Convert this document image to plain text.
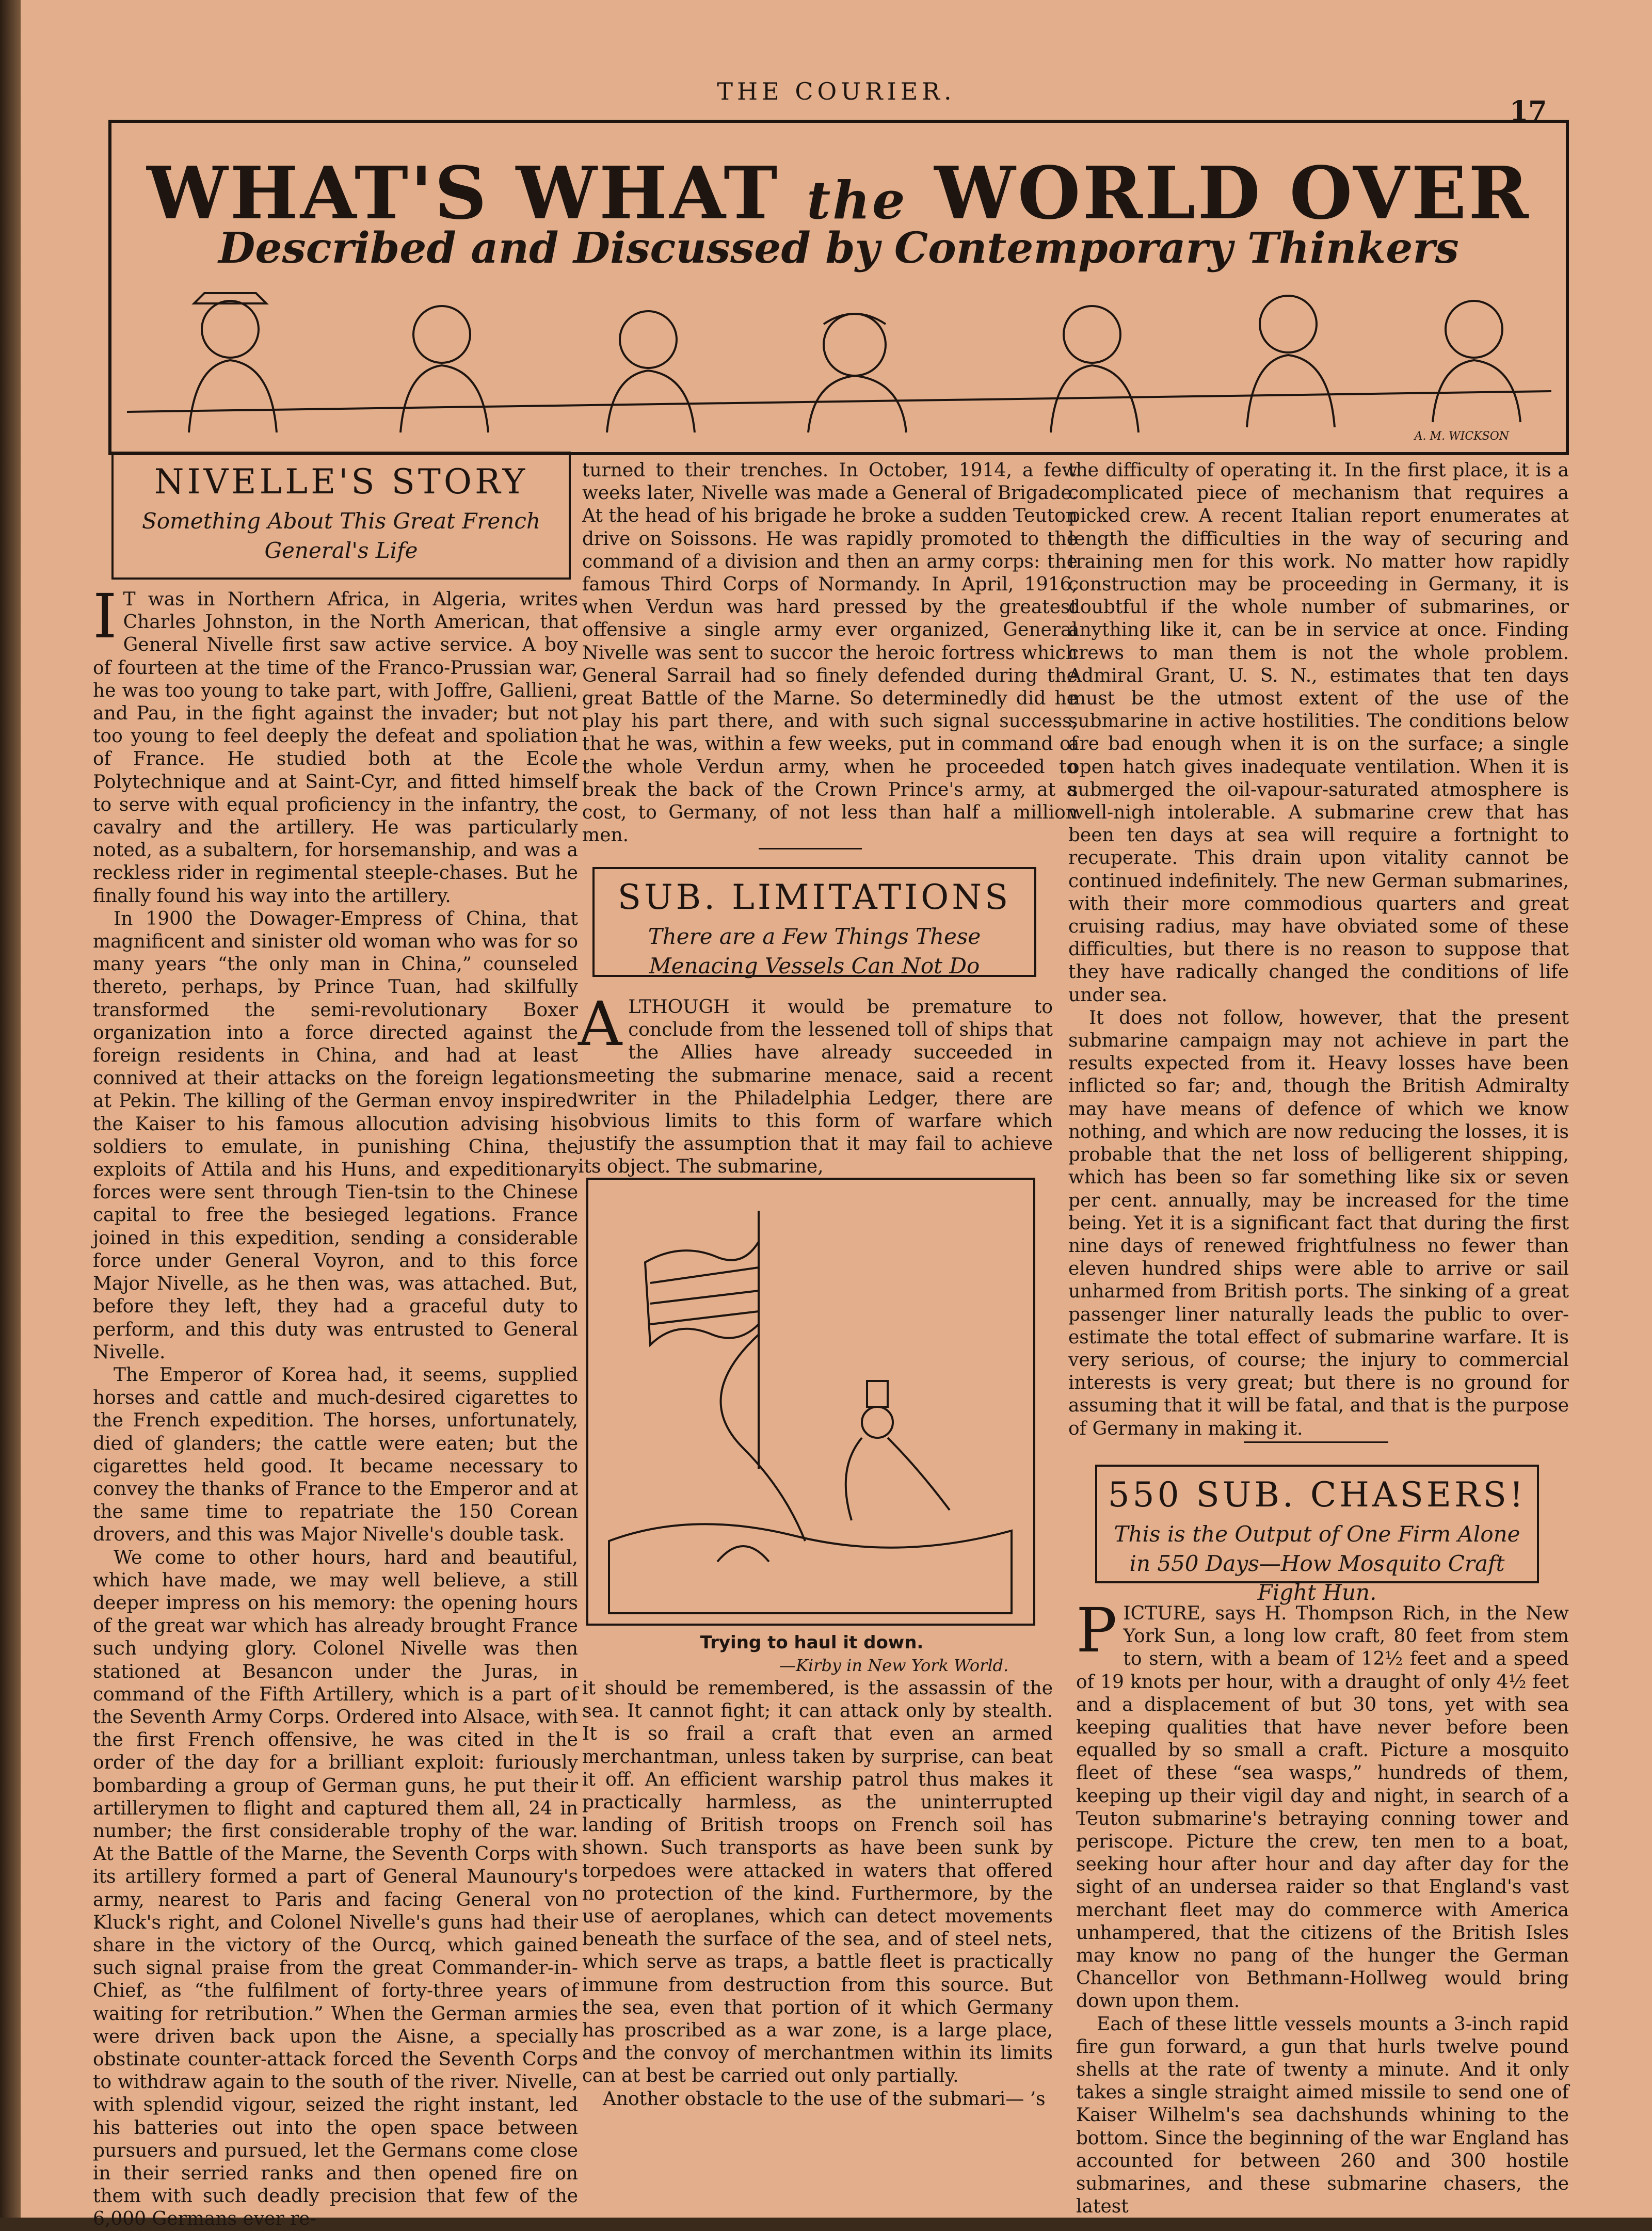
THE COURIER.
17
WHAT'S WHAT the WORLD OVER
Described and Discussed by Contemporary Thinkers
A. M. WICKSON
NIVELLE'S STORY
Something About This Great French General's Life

I T was in Northern Africa, in Algeria, writes Charles Johnston, in the North American, that General Nivelle first saw active service. A boy of fourteen at the time of the Franco-Prussian war, he was too young to take part, with Joffre, Gallieni, and Pau, in the fight against the invader; but not too young to feel deeply the defeat and spoliation of France. He studied both at the Ecole Polytechnique and at Saint-Cyr, and fitted himself to serve with equal proficiency in the infantry, the cavalry and the artillery. He was particularly noted, as a subaltern, for horsemanship, and was a reckless rider in regimental steeple-chases. But he finally found his way into the artillery.

In 1900 the Dowager-Empress of China, that magnificent and sinister old woman who was for so many years “the only man in China,” counseled thereto, perhaps, by Prince Tuan, had skilfully transformed the semi-revolutionary Boxer organization into a force directed against the foreign residents in China, and had at least connived at their attacks on the foreign legations at Pekin. The killing of the German envoy inspired the Kaiser to his famous allocution advising his soldiers to emulate, in punishing China, the exploits of Attila and his Huns, and expeditionary forces were sent through Tien-tsin to the Chinese capital to free the besieged legations. France joined in this expedition, sending a considerable force under General Voyron, and to this force Major Nivelle, as he then was, was attached. But, before they left, they had a graceful duty to perform, and this duty was entrusted to General Nivelle.

The Emperor of Korea had, it seems, supplied horses and cattle and much-desired cigarettes to the French expedition. The horses, unfortunately, died of glanders; the cattle were eaten; but the cigarettes held good. It became necessary to convey the thanks of France to the Emperor and at the same time to repatriate the 150 Corean drovers, and this was Major Nivelle's double task.

We come to other hours, hard and beautiful, which have made, we may well believe, a still deeper impress on his memory: the opening hours of the great war which has already brought France such undying glory. Colonel Nivelle was then stationed at Besancon under the Juras, in command of the Fifth Artillery, which is a part of the Seventh Army Corps. Ordered into Alsace, with the first French offensive, he was cited in the order of the day for a brilliant exploit: furiously bombarding a group of German guns, he put their artillerymen to flight and captured them all, 24 in number; the first considerable trophy of the war. At the Battle of the Marne, the Seventh Corps with its artillery formed a part of General Maunoury's army, nearest to Paris and facing General von Kluck's right, and Colonel Nivelle's guns had their share in the victory of the Ourcq, which gained such signal praise from the great Commander-in-Chief, as “the fulfilment of forty-three years of waiting for retribution.” When the German armies were driven back upon the Aisne, a specially obstinate counter-attack forced the Seventh Corps to withdraw again to the south of the river. Nivelle, with splendid vigour, seized the right instant, led his batteries out into the open space between pursuers and pursued, let the Germans come close in their serried ranks and then opened fire on them with such deadly precision that few of the 6,000 Germans ever re-

turned to their trenches. In October, 1914, a few weeks later, Nivelle was made a General of Brigade. At the head of his brigade he broke a sudden Teuton drive on Soissons. He was rapidly promoted to the command of a division and then an army corps: the famous Third Corps of Normandy. In April, 1916, when Verdun was hard pressed by the greatest offensive a single army ever organized, General Nivelle was sent to succor the heroic fortress which General Sarrail had so finely defended during the great Battle of the Marne. So determinedly did he play his part there, and with such signal success, that he was, within a few weeks, put in command of the whole Verdun army, when he proceeded to break the back of the Crown Prince's army, at a cost, to Germany, of not less than half a million men.

SUB. LIMITATIONS
There are a Few Things These Menacing Vessels Can Not Do

ALTHOUGH it would be premature to conclude from the lessened toll of ships that the Allies have already succeeded in meeting the submarine menace, said a recent writer in the Philadelphia Ledger, there are obvious limits to this form of warfare which justify the assumption that it may fail to achieve its object. The submarine,

Trying to haul it down.
—Kirby in New York World.

it should be remembered, is the assassin of the sea. It cannot fight; it can attack only by stealth. It is so frail a craft that even an armed merchantman, unless taken by surprise, can beat it off. An efficient warship patrol thus makes it practically harmless, as the uninterrupted landing of British troops on French soil has shown. Such transports as have been sunk by torpedoes were attacked in waters that offered no protection of the kind. Furthermore, by the use of aeroplanes, which can detect movements beneath the surface of the sea, and of steel nets, which serve as traps, a battle fleet is practically immune from destruction from this source. But the sea, even that portion of it which Germany has proscribed as a war zone, is a large place, and the convoy of merchantmen within its limits can at best be carried out only partially.

Another obstacle to the use of the submari— ’s

the difficulty of operating it. In the first place, it is a complicated piece of mechanism that requires a picked crew. A recent Italian report enumerates at length the difficulties in the way of securing and training men for this work. No matter how rapidly construction may be proceeding in Germany, it is doubtful if the whole number of submarines, or anything like it, can be in service at once. Finding crews to man them is not the whole problem. Admiral Grant, U. S. N., estimates that ten days must be the utmost extent of the use of the submarine in active hostilities. The conditions below are bad enough when it is on the surface; a single open hatch gives inadequate ventilation. When it is submerged the oil-vapour-saturated atmosphere is well-nigh intolerable. A submarine crew that has been ten days at sea will require a fortnight to recuperate. This drain upon vitality cannot be continued indefinitely. The new German submarines, with their more commodious quarters and great cruising radius, may have obviated some of these difficulties, but there is no reason to suppose that they have radically changed the conditions of life under sea.

It does not follow, however, that the present submarine campaign may not achieve in part the results expected from it. Heavy losses have been inflicted so far; and, though the British Admiralty may have means of defence of which we know nothing, and which are now reducing the losses, it is probable that the net loss of belligerent shipping, which has been so far something like six or seven per cent. annually, may be increased for the time being. Yet it is a significant fact that during the first nine days of renewed frightfulness no fewer than eleven hundred ships were able to arrive or sail unharmed from British ports. The sinking of a great passenger liner naturally leads the public to over-estimate the total effect of submarine warfare. It is very serious, of course; the injury to commercial interests is very great; but there is no ground for assuming that it will be fatal, and that is the purpose of Germany in making it.

550 SUB. CHASERS!
This is the Output of One Firm Alone in 550 Days—How Mosquito Craft Fight Hun.

PICTURE, says H. Thompson Rich, in the New York Sun, a long low craft, 80 feet from stem to stern, with a beam of 12½ feet and a speed of 19 knots per hour, with a draught of only 4½ feet and a displacement of but 30 tons, yet with sea keeping qualities that have never before been equalled by so small a craft. Picture a mosquito fleet of these “sea wasps,” hundreds of them, keeping up their vigil day and night, in search of a Teuton submarine's betraying conning tower and periscope. Picture the crew, ten men to a boat, seeking hour after hour and day after day for the sight of an undersea raider so that England's vast merchant fleet may do commerce with America unhampered, that the citizens of the British Isles may know no pang of the hunger the German Chancellor von Bethmann-Hollweg would bring down upon them.

Each of these little vessels mounts a 3-inch rapid fire gun forward, a gun that hurls twelve pound shells at the rate of twenty a minute. And it only takes a single straight aimed missile to send one of Kaiser Wilhelm's sea dachshunds whining to the bottom. Since the beginning of the war England has accounted for between 260 and 300 hostile submarines, and these submarine chasers, the latest
